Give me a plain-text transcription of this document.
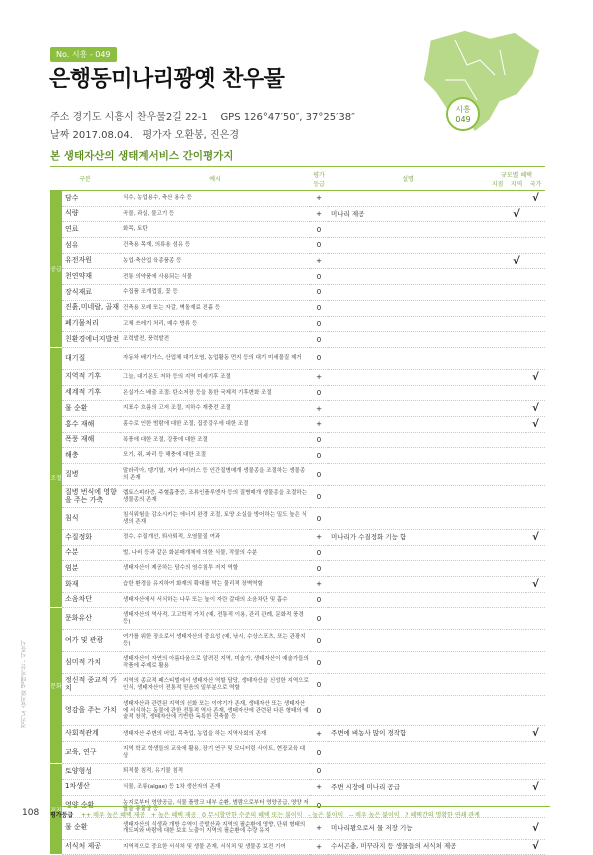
No. 시흥 - 049
은행동미나리꽝옛 찬우물
시흥
049
주소 경기도 시흥시 찬우물2길 22-1 GPS 126°47′50″, 37°25′38″
날짜 2017.08.04. 평가자 오환봉, 진은경
본 생태자산의 생태계서비스 간이평가지
구분		예시	평가 등급	설명	규모별 혜택
지점 지역 국가		

공급	담수	식수, 농업용수, 축산 용수 등	+				√
	식량	곡물, 과실, 물고기 등	+	미나리 제공		√	
	연료	화목, 토탄	0				
	섬유	건축용 목재, 의류용 섬유 등	0				
	유전자원	농업·축산업 육종품종 등	+			√	
	천연약재	전통 의약품에 사용되는 식물	0				
	장식재료	수집품 조개껍질, 꽃 등	0				
	진흙,미네랄, 골재	건축용 모래 또는 자갈, 벽돌재료 진흙 등	0				
	폐기물처리	고체 쓰레기 처리, 매수 방류 등	0				
	친환경에너지발전	조력발전, 풍력발전	0				
조절	대기질	자동차 배기가스, 산업체 대기오염, 농업활동 먼지 등의 대기 미세물질 제거	0				
	지역적 기후	그늘, 대기온도 저하 등의 지역 미세기후 조절	+				√
	세계적 기후	온실가스 배출 조절: 탄소저장 등을 통한 국제적 기후변화 조절	0				
	물 순환	지표수 흐름의 고저 조절, 지하수 재충전 조절	+				√
	홍수 재해	홍수로 인한 범람에 대한 조절, 집중강우에 대한 조절	+				√
	폭풍 재해	폭풍에 대한 조절, 강풍에 대한 조절	0				
	해충	모기, 쥐, 파리 등 해충에 대한 조절	0				
	질병	말라리아, 뎅기열, 지카 바이러스 등 인간질병매개 생물종을 조절하는 생물종의 존재	0				
	질병 번식에 영향을 주는 가축	렙토스피라증, 주혈흡충증, 조류인플루엔자 등의 질병매개 생물종을 조절하는 생물종의 존재	0				
	침식	침식위험을 감소시키는 에너지 완경 조절, 토양 소실을 방어하는 밀도 높은 식생의 존재	0				
	수질정화	정수, 수질개선, 퇴사퇴적, 오염물질 여과	+	미나리가 수질정화 기능 함			√
	수분	벌, 나비 등과 같은 화분매개체에 의한 식물, 작물의 수분	0				
	염분	생태자산이 제공하는 담수의 염수침투 저지 역할	0				
	화재	습한 환경을 유지하여 화재의 확대를 막는 물리적 장벽역할	+				√
	소음차단	생태자산에서 서식하는 나무 또는 높이 자란 갈대의 소음차단 및 흡수	0				
문화	문화유산	생태자산의 역사적, 고고학적 가치 (예, 전통적 이용, 관리 관례, 문화적 풍경 등)	0				
	여가 및 관광	여가를 위한 장소로서 생태자산의 중요성 (예, 낚시, 수상스포츠, 또는 관광지 등)	0				
	심미적 가치	생태자산이 자연의 아름다움으로 알려진 지역, 미술가, 생태자산이 예술가들의 작품에 주제로 활용	0				
	정신적 종교적 가치	지역의 종교적 페스티벌에서 생태자산 역할 담당, 생태자산을 신성한 지역으로 인식, 생태자산이 전통적 믿음의 일부분으로 역할	0				
	영감을 주는 가치	생태자산과 관련된 지역의 신화 또는 이야기가 존재, 생태자산 또는 생태자산에 서식하는 동물에 관한 전통적 역사 존재, 생태자산에 관련된 다른 형태의 예술적 창작, 생태자산에 기반한 독특한 건축물 등	0				
	사회적관계	생태자산 주변의 어업, 목축업, 농업을 하는 지역사회의 존재	+	주변에 벼농사 많이 경작함			√
	교육, 연구	지역 학교 학생들의 교육에 활용, 장기 연구 및 모니터링 사이트, 현장교육 대상	0				
지지	토양형성	퇴적물 침적, 유기물 침적	0				
	1차생산	식물, 조류(algae) 등 1차 생산자의 존재	+	주변 시장에 미나리 공급			√
	영양 순환	농지로부터 영양공급, 식물 플랑크 내부 순환, 범람으로부터 영양공급, 영양 저탈을 동물상 등	0				
	물 순환	생태자산의 식생과 개방 수역이 증발산과 지역의 필순환에 영향, 단위 형태의 개도피와 바람에 대한 보호 노출이 지역의 필순환에 수량 유지	+	미나리꽝으로서 물 저장 기능			√
	서식처 제공	지역적으로 중요한 서식처 및 생물 존재, 서식처 및 생물종 보전 기여	+	수서곤충, 미꾸라지 등 생물들의 서식처 제공			√
경기도 습지와 생태자산 - 시흥시
108 평가등급 ++ 매우 높은 혜택 제공 + 높은 혜택 제공 0 무시할만한 수준의 혜택 또는 불이익 - 높은 불이익 -- 매우 높은 불이익 ? 혜택간의 명확한 연쇄 관계
